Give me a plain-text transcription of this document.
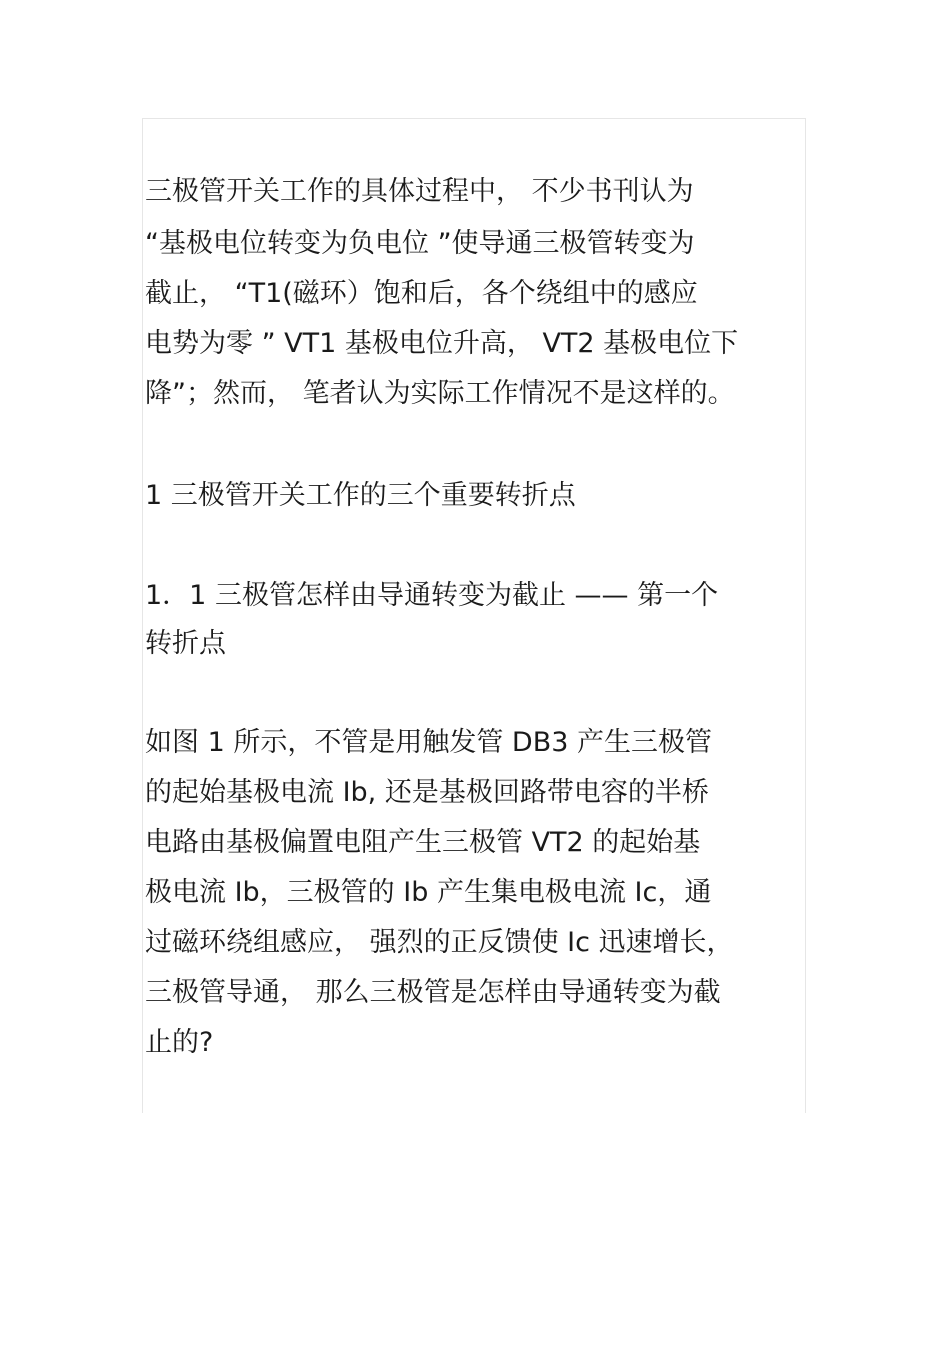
三极管开关工作的具体过程中， 不少书刊认为
“基极电位转变为负电位 ”使导通三极管转变为
截止， “T1(磁环）饱和后，各个绕组中的感应
电势为零 ” VT1 基极电位升高， VT2 基极电位下
降”；然而， 笔者认为实际工作情况不是这样的。
1 三极管开关工作的三个重要转折点
1．1 三极管怎样由导通转变为截止 —— 第一个
转折点
如图 1 所示，不管是用触发管 DB3 产生三极管
的起始基极电流 Ib, 还是基极回路带电容的半桥
电路由基极偏置电阻产生三极管 VT2 的起始基
极电流 Ib，三极管的 Ib 产生集电极电流 Ic，通
过磁环绕组感应， 强烈的正反馈使 Ic 迅速增长，
三极管导通， 那么三极管是怎样由导通转变为截
止的?
